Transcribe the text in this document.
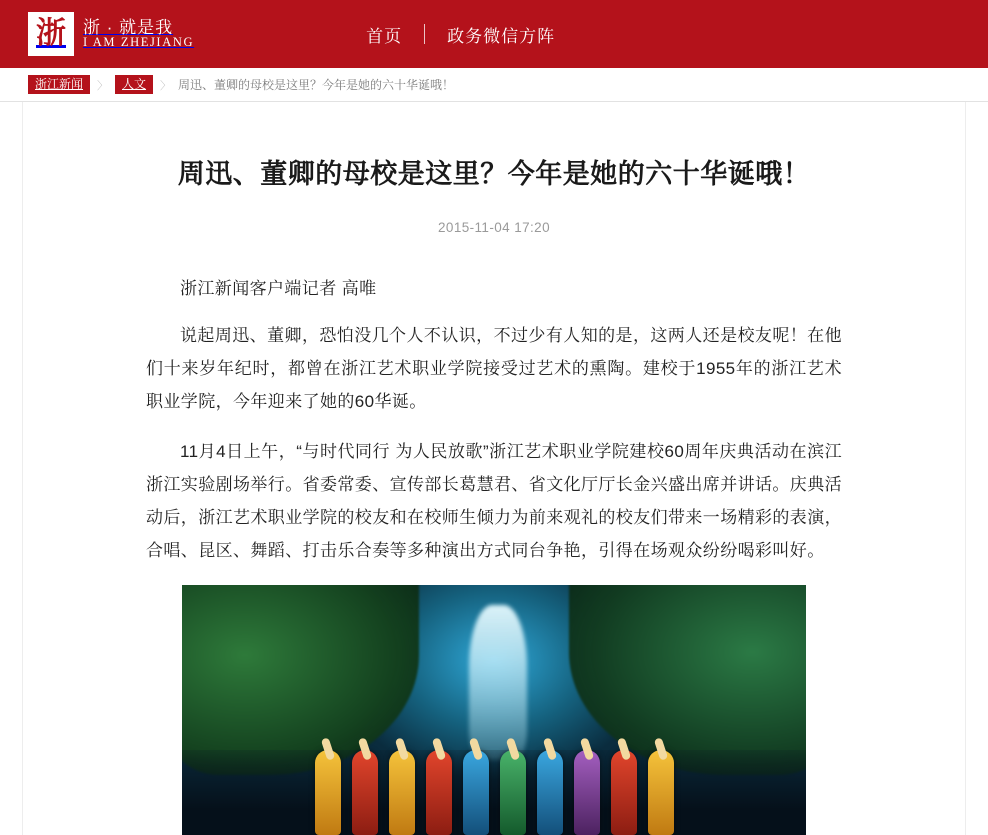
浙	浙 · 就是我
I AM ZHEJIANG	首页	政务微信方阵
浙江新闻	〉	人文	〉 周迅、董卿的母校是这里？今年是她的六十华诞哦！
周迅、董卿的母校是这里？今年是她的六十华诞哦！
2015-11-04 17:20

浙江新闻客户端记者 高唯

说起周迅、董卿，恐怕没几个人不认识，不过少有人知的是，这两人还是校友呢！在他们十来岁年纪时，都曾在浙江艺术职业学院接受过艺术的熏陶。建校于1955年的浙江艺术职业学院，今年迎来了她的60华诞。

11月4日上午，“与时代同行 为人民放歌”浙江艺术职业学院建校60周年庆典活动在滨江浙江实验剧场举行。省委常委、宣传部长葛慧君、省文化厅厅长金兴盛出席并讲话。庆典活动后，浙江艺术职业学院的校友和在校师生倾力为前来观礼的校友们带来一场精彩的表演，合唱、昆区、舞蹈、打击乐合奏等多种演出方式同台争艳，引得在场观众纷纷喝彩叫好。
